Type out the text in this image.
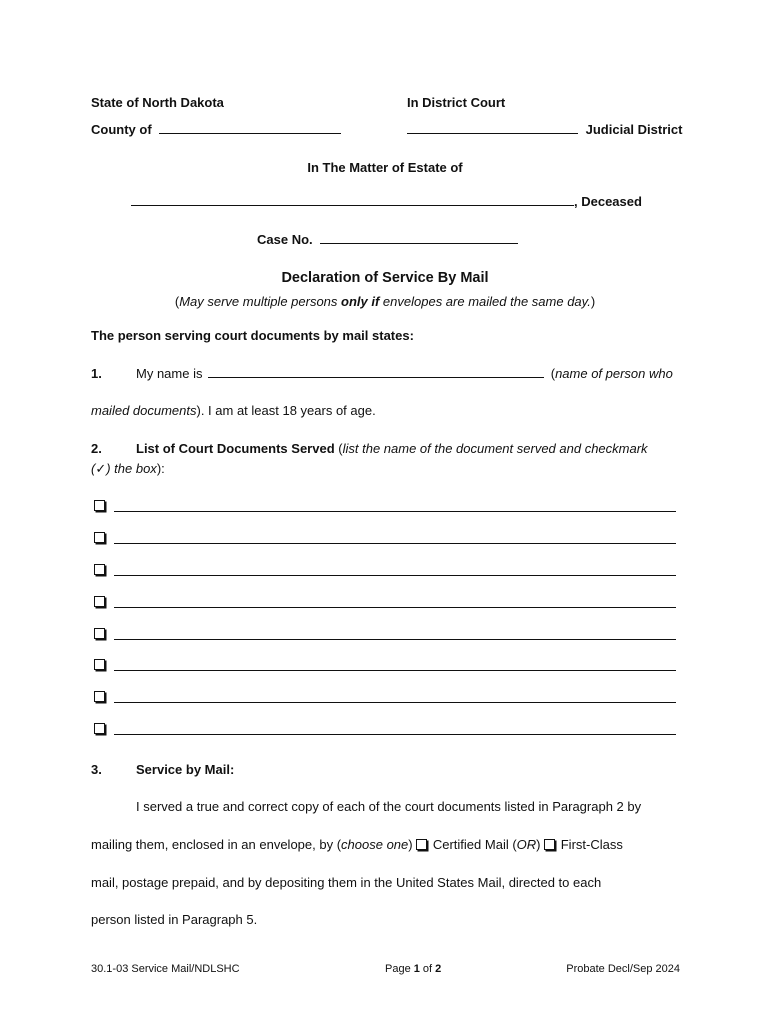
State of North Dakota	In District Court
County of	Judicial District
In The Matter of Estate of
, Deceased
Case No.
Declaration of Service By Mail
(May serve multiple persons only if envelopes are mailed the same day.)
The person serving court documents by mail states:
1.	My name is	(name of person who
mailed documents). I am at least 18 years of age.
2.	List of Court Documents Served (list the name of the document served and checkmark
(✓) the box):
3.	Service by Mail:
I served a true and correct copy of each of the court documents listed in Paragraph 2 by
mailing them, enclosed in an envelope, by (choose one)  Certified Mail (OR)  First-Class
mail, postage prepaid, and by depositing them in the United States Mail, directed to each
person listed in Paragraph 5.
30.1-03 Service Mail/NDLSHC	Page 1 of 2	Probate Decl/Sep 2024
